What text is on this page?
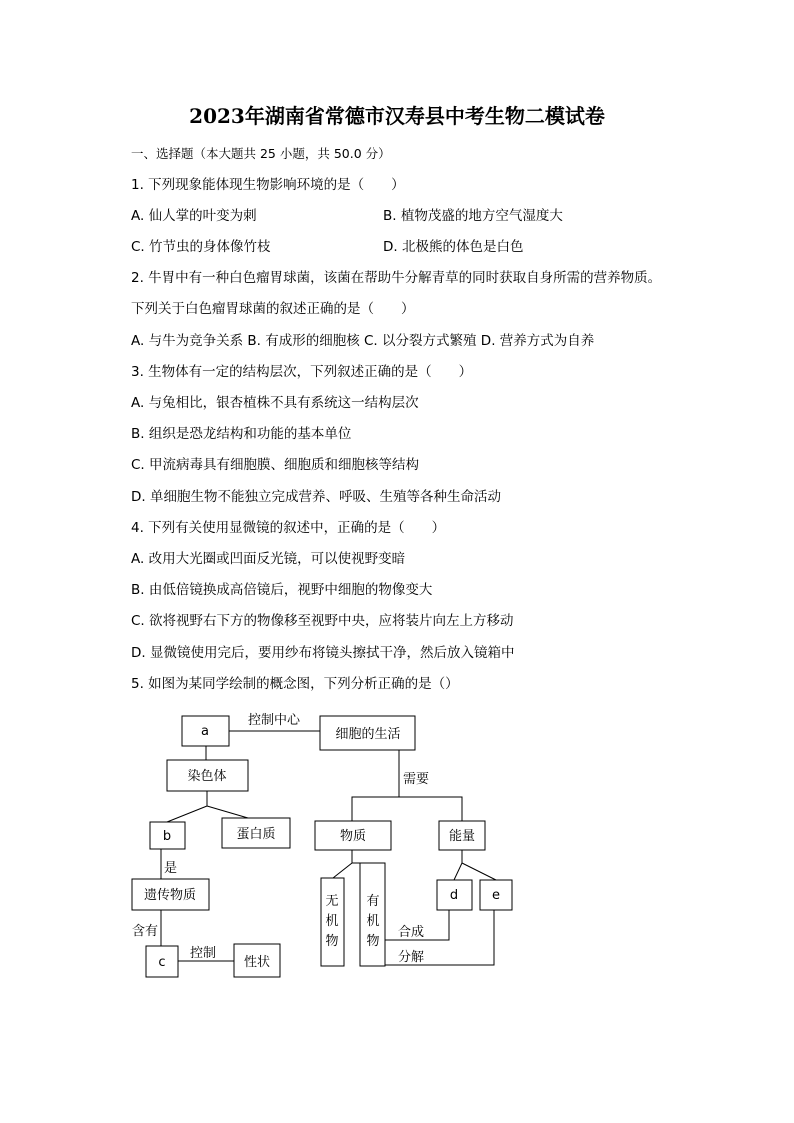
2023年湖南省常德市汉寿县中考生物二模试卷
一、选择题（本大题共 25 小题，共 50.0 分）
1. 下列现象能体现生物影响环境的是（　　）
A. 仙人掌的叶变为刺	B. 植物茂盛的地方空气湿度大
C. 竹节虫的身体像竹枝	D. 北极熊的体色是白色
2. 牛胃中有一种白色瘤胃球菌，该菌在帮助牛分解青草的同时获取自身所需的营养物质。
下列关于白色瘤胃球菌的叙述正确的是（　　）
A. 与牛为竞争关系 B. 有成形的细胞核 C. 以分裂方式繁殖 D. 营养方式为自养
3. 生物体有一定的结构层次，下列叙述正确的是（　　）
A. 与兔相比，银杏植株不具有系统这一结构层次
B. 组织是恐龙结构和功能的基本单位
C. 甲流病毒具有细胞膜、细胞质和细胞核等结构
D. 单细胞生物不能独立完成营养、呼吸、生殖等各种生命活动
4. 下列有关使用显微镜的叙述中，正确的是（　　）
A. 改用大光圈或凹面反光镜，可以使视野变暗
B. 由低倍镜换成高倍镜后，视野中细胞的物像变大
C. 欲将视野右下方的物像移至视野中央，应将装片向左上方移动
D. 显微镜使用完后，要用纱布将镜头擦拭干净，然后放入镜箱中
5. 如图为某同学绘制的概念图，下列分析正确的是（）
a
控制中心
细胞的生活
染色体	需要
b	蛋白质	物质	能量
是
遗传物质	无
机
物
有
机
物
d	e
含有	合成
c
控制
性状	分解
